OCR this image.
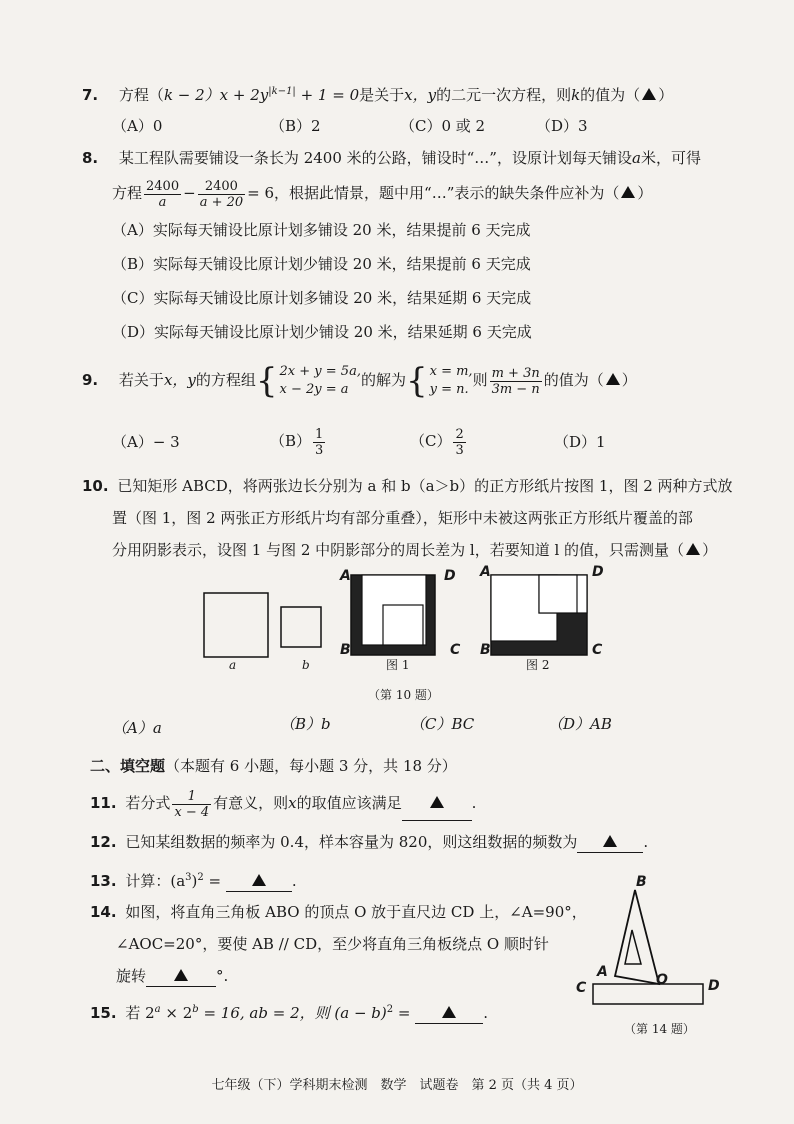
7. 方程$(k - 2)x + 2y^{|k-1|} + 1 = 0$是关于x，y的二元一次方程，则k的值为（ ）
（A）0	（B）2	（C）0 或 2	（D）3
8. 某工程队需要铺设一条长为 2400 米的公路，铺设时“…”，设原计划每天铺设a米，可得
方程 $\frac{2400}{a} - \frac{2400}{a + 20} = 6$，根据此情景，题中用“…”表示的缺失条件应补为（ ）
（A）实际每天铺设比原计划多铺设 20 米，结果提前 6 天完成
（B）实际每天铺设比原计划少铺设 20 米，结果提前 6 天完成
（C）实际每天铺设比原计划多铺设 20 米，结果延期 6 天完成
（D）实际每天铺设比原计划少铺设 20 米，结果延期 6 天完成
9. 若关于x，y的方程组{ 2x + y = 5a,
x − 2y = a
的解为{ x = m,
y = n.
则 $\frac{m + 3n}{3m - n}$ 的值为（ ）
（A）− 3	$(B) \frac{1}{3}$	$(C) \frac{2}{3}$	（D）1
10. 已知矩形 ABCD，将两张边长分别为 a 和 b（a＞b）的正方形纸片按图 1，图 2 两种方式放
置（图 1，图 2 两张正方形纸片均有部分重叠），矩形中未被这两张正方形纸片覆盖的部
分用阴影表示，设图 1 与图 2 中阴影部分的周长差为 l，若要知道 l 的值，只需测量（ ）
a	b
A	D
B	C
图 1
A	D
B	C
图 2
（第 10 题）
（A）a	（B）b	（C）BC	（D）AB
二、填空题（本题有 6 小题，每小题 3 分，共 18 分）
11. 若分式 $\frac{1}{x - 4}$ 有意义，则x的取值应该满足	.
12. 已知某组数据的频率为 0.4，样本容量为 820，则这组数据的频数为	.
13. 计算：$(a^3)^2$ =	.
14. 如图，将直角三角板 ABO 的顶点 O 放于直尺边 CD 上，∠A=90°，
∠AOC=20°，要使 AB // CD，至少将直角三角板绕点 O 顺时针
旋转	°.
B
A	O
C	D
（第 14 题）
15. 若 $2^a \times 2^b = 16$, ab = 2，则 $(a - b)^2$ =	.
七年级（下）学科期末检测　数学　试题卷　第 2 页（共 4 页）
